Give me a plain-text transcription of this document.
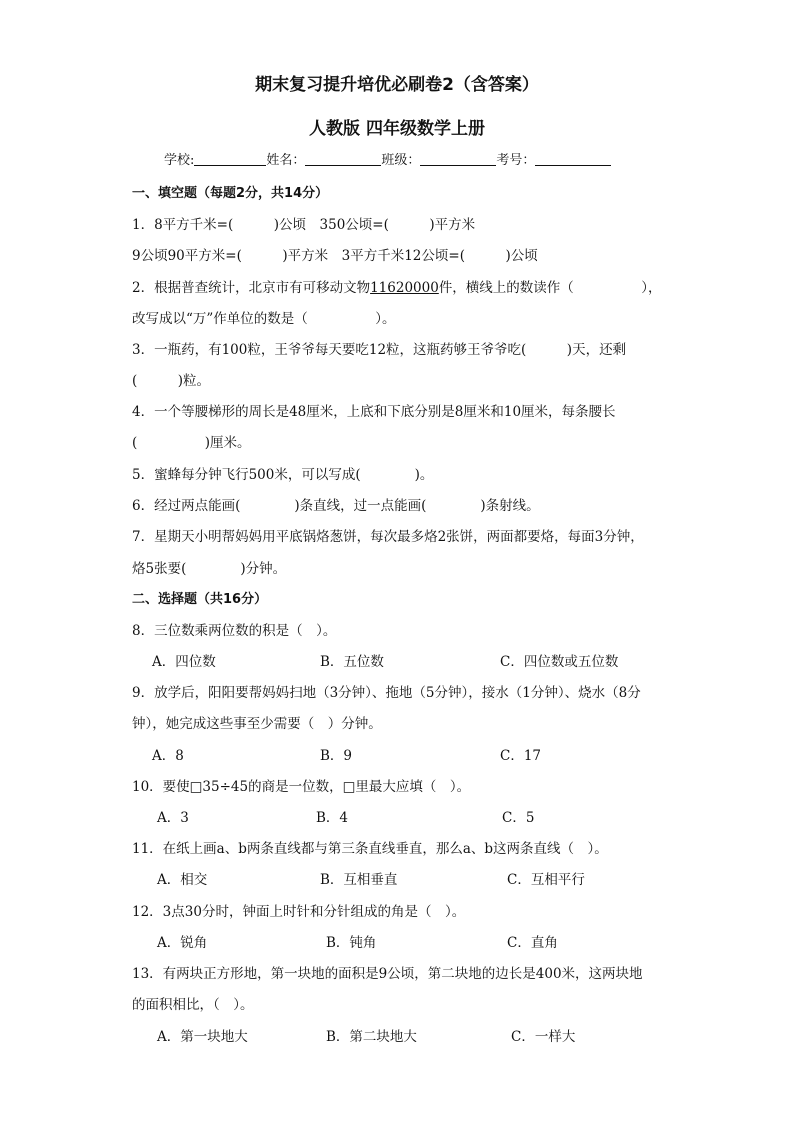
期末复习提升培优必刷卷2（含答案）
人教版 四年级数学上册
学校:	姓名：	班级：	考号：
一、填空题（每题2分，共14分）
1．8平方千米=(　　　)公顷　350公顷=(　　　)平方米
9公顷90平方米=(　　　)平方米　3平方千米12公顷=(　　　)公顷
2．根据普查统计，北京市有可移动文物11620000件，横线上的数读作（　　　　　），
改写成以“万”作单位的数是（　　　　　）。
3．一瓶药，有100粒，王爷爷每天要吃12粒，这瓶药够王爷爷吃(　　　)天，还剩
(　　　)粒。
4．一个等腰梯形的周长是48厘米，上底和下底分别是8厘米和10厘米，每条腰长
(　　　　　)厘米。
5．蜜蜂每分钟飞行500米，可以写成(　　　　)。
6．经过两点能画(　　　　)条直线，过一点能画(　　　　)条射线。
7．星期天小明帮妈妈用平底锅烙葱饼，每次最多烙2张饼，两面都要烙，每面3分钟，
烙5张要(　　　　)分钟。
二、选择题（共16分）
8．三位数乘两位数的积是（　）。
A．四位数	B．五位数	C．四位数或五位数
9．放学后，阳阳要帮妈妈扫地（3分钟）、拖地（5分钟），接水（1分钟）、烧水（8分
钟），她完成这些事至少需要（　）分钟。
A．8	B．9	C．17
10．要使□35÷45的商是一位数，□里最大应填（　）。
A．3	B．4	C．5
11．在纸上画a、b两条直线都与第三条直线垂直，那么a、b这两条直线（　）。
A．相交	B．互相垂直	C．互相平行
12．3点30分时，钟面上时针和分针组成的角是（　）。
A．锐角	B．钝角	C．直角
13．有两块正方形地，第一块地的面积是9公顷，第二块地的边长是400米，这两块地
的面积相比，（　）。
A．第一块地大	B．第二块地大	C．一样大
